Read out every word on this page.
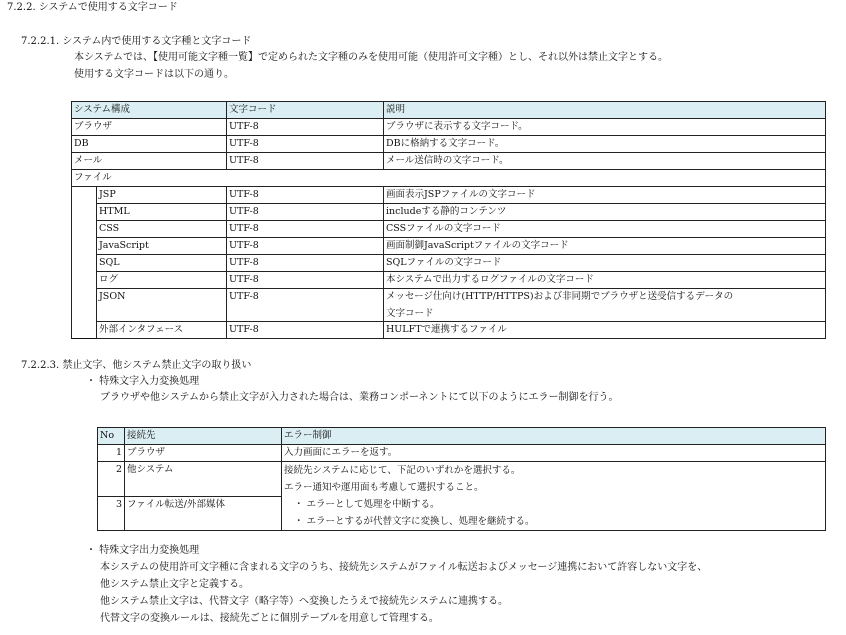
7.2.2. システムで使用する文字コード
7.2.2.1. システム内で使用する文字種と文字コード
本システムでは、【使用可能文字種一覧】で定められた文字種のみを使用可能（使用許可文字種）とし、それ以外は禁止文字とする。
使用する文字コードは以下の通り。
システム構成		文字コード	説明
ブラウザ		UTF-8	ブラウザに表示する文字コード。
DB		UTF-8	DBに格納する文字コード。
メール		UTF-8	メール送信時の文字コード。
ファイル			
	JSP	UTF-8	画面表示JSPファイルの文字コード
	HTML	UTF-8	includeする静的コンテンツ
	CSS	UTF-8	CSSファイルの文字コード
	JavaScript	UTF-8	画面制御JavaScriptファイルの文字コード
	SQL	UTF-8	SQLファイルの文字コード
	ログ	UTF-8	本システムで出力するログファイルの文字コード
	JSON	UTF-8	メッセージ仕向け(HTTP/HTTPS)および非同期でブラウザと送受信するデータの
文字コード

	外部インタフェース	UTF-8	HULFTで連携するファイル
7.2.2.3. 禁止文字、他システム禁止文字の取り扱い
・ 特殊文字入力変換処理
ブラウザや他システムから禁止文字が入力された場合は、業務コンポーネントにて以下のようにエラー制御を行う。
No	接続先	エラー制御
1	ブラウザ	入力画面にエラーを返す。
2	他システム	接続先システムに応じて、下記のいずれかを選択する。
エラー通知や運用面も考慮して選択すること。
・ エラーとして処理を中断する。
・ エラーとするが代替文字に変換し、処理を継続する。

3	ファイル転送/外部媒体	
・ 特殊文字出力変換処理
本システムの使用許可文字種に含まれる文字のうち、接続先システムがファイル転送およびメッセージ連携において許容しない文字を、
他システム禁止文字と定義する。
他システム禁止文字は、代替文字（略字等）へ変換したうえで接続先システムに連携する。
代替文字の変換ルールは、接続先ごとに個別テーブルを用意して管理する。
